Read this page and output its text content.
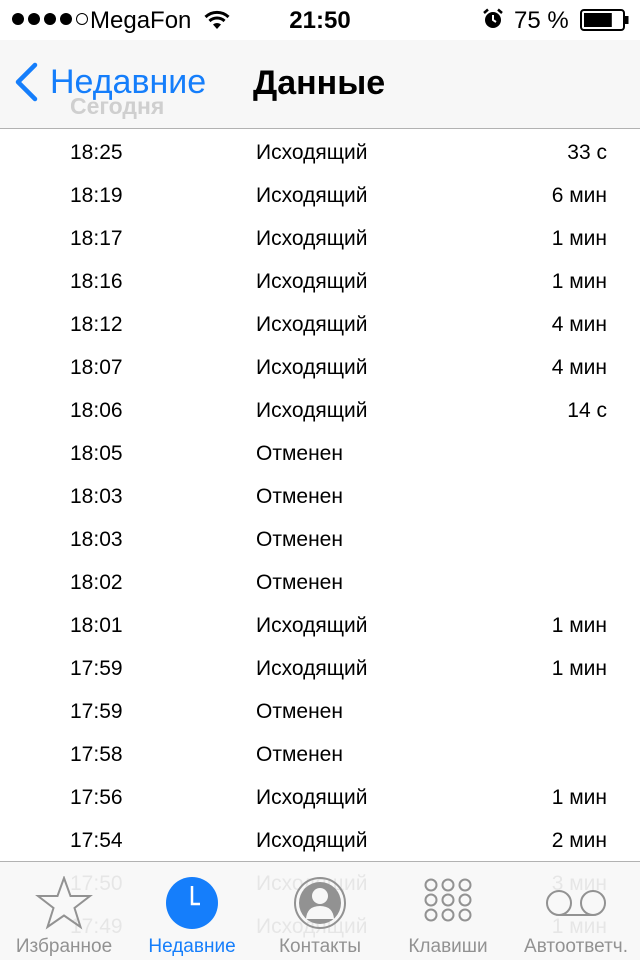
MegaFon	21:50	75 %
Сегодня
Недавние Данные
18:25	Исходящий	33 с
18:19	Исходящий	6 мин
18:17	Исходящий	1 мин
18:16	Исходящий	1 мин
18:12	Исходящий	4 мин
18:07	Исходящий	4 мин
18:06	Исходящий	14 с
18:05	Отменен
18:03	Отменен
18:03	Отменен
18:02	Отменен
18:01	Исходящий	1 мин
17:59	Исходящий	1 мин
17:59	Отменен
17:58	Отменен
17:56	Исходящий	1 мин
17:54	Исходящий	2 мин
Избранное	Недавние	Контакты	Клавиши	Автоответч.
